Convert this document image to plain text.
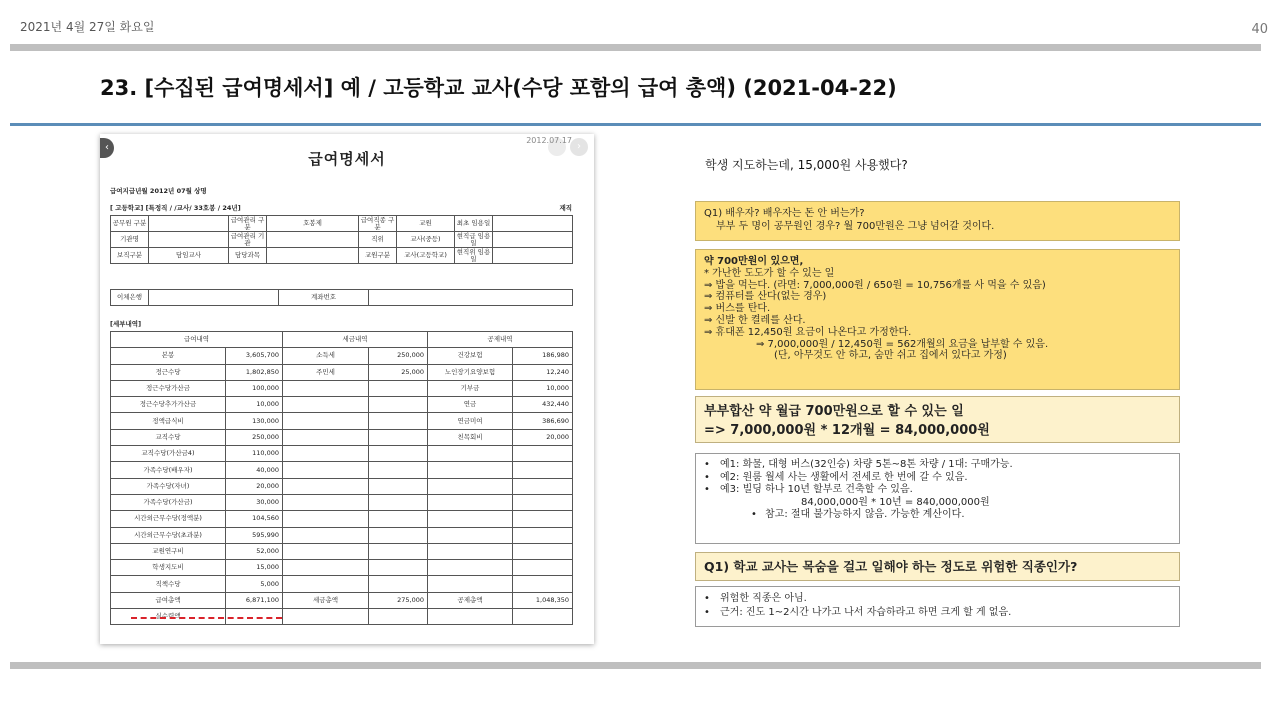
2021년 4월 27일 화요일	40
23. [수집된 급여명세서] 예 / 고등학교 교사(수당 포함의 급여 총액) (2021-04-22)
‹	›
2012.07.17
급여명세서
급여지급년월 2012년 07월 상명
[ 고등학교] [특정직 / /교사/ 33호봉 / 24년]	재직
공무원 구분		급여관리 구분	호봉제	급여직종 구분	교원	최초 임용일	
기관명		급여관리 기관		직위	교사(중등)	현직급 임용일	
보직구분	담임교사	담당과목		교원구분	교사(고등학교)	현직위 임용일	
이체은행		계좌번호	
[세부내역]
급여내역		세금내역		공제내역	
본봉	3,605,700	소득세	250,000	건강보험	186,980
정근수당	1,802,850	주민세	25,000	노인장기요양보험	12,240
정근수당가산금	100,000			기부금	10,000
정근수당추가가산금	10,000			연금	432,440
정액급식비	130,000			연금미여	386,690
교직수당	250,000			친목회비	20,000
교직수당(가산금4)	110,000				
가족수당(배우자)	40,000				
가족수당(자녀)	20,000				
가족수당(가산금)	30,000				
시간외근무수당(정액분)	104,560				
시간외근무수당(초과분)	595,990				
교원연구비	52,000				
학생지도비	15,000				
직책수당	5,000				
급여총액	6,871,100	세금총액	275,000	공제총액	1,048,350
실수령액					
학생 지도하는데, 15,000원 사용했다?
Q1) 배우자? 배우자는 돈 안 버는가?
부부 두 명이 공무원인 경우? 월 700만원은 그냥 넘어갈 것이다.
약 700만원이 있으면,
* 가난한 도도가 할 수 있는 일
⇒ 밥을 먹는다. (라면: 7,000,000원 / 650원 = 10,756개를 사 먹을 수 있음)
⇒ 컴퓨터를 산다(없는 경우)
⇒ 버스를 탄다.
⇒ 신발 한 켤레를 산다.
⇒ 휴대폰 12,450원 요금이 나온다고 가정한다.
⇒ 7,000,000원 / 12,450원 = 562개월의 요금을 납부할 수 있음.
(단, 아무것도 안 하고, 숨만 쉬고 집에서 있다고 가정)
부부합산 약 월급 700만원으로 할 수 있는 일
=> 7,000,000원 * 12개월 = 84,000,000원
•	예1: 화물, 대형 버스(32인승) 차량 5톤~8톤 차량 / 1대: 구매가능.
•	예2: 원룸 월세 사는 생활에서 전세로 한 번에 갈 수 있음.
•	예3: 빌딩 하나 10년 할부로 건축할 수 있음.
84,000,000원 * 10년 = 840,000,000원
• 참고: 절대 불가능하지 않음. 가능한 계산이다.
Q1) 학교 교사는 목숨을 걸고 일해야 하는 정도로 위험한 직종인가?
•	위험한 직종은 아님.
•	근거: 진도 1~2시간 나가고 나서 자습하라고 하면 크게 할 게 없음.
